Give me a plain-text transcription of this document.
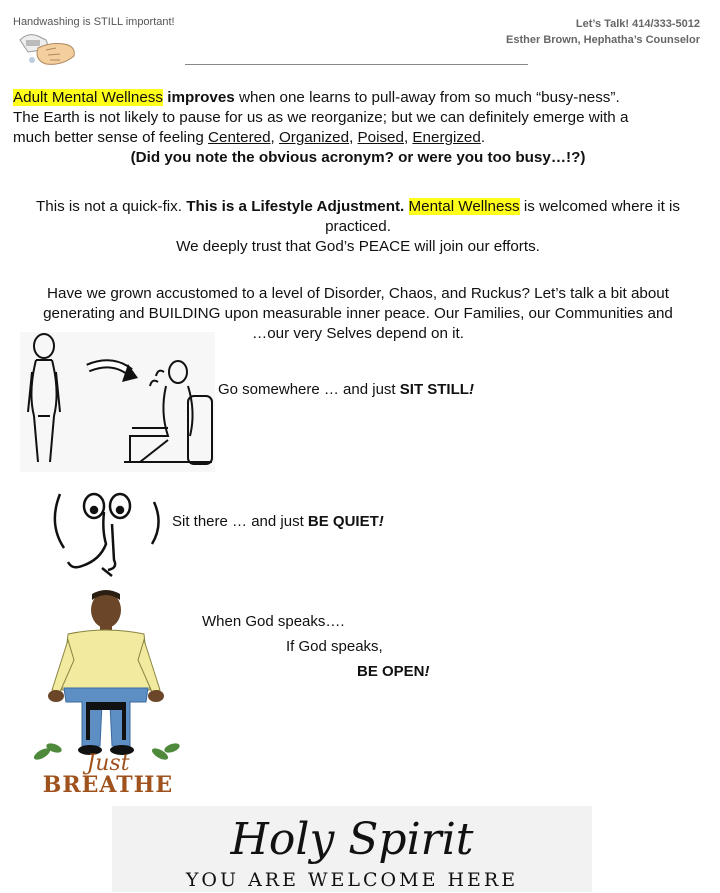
Handwashing is STILL important!	Let’s Talk! 414/333-5012
Esther Brown, Hephatha’s Counselor
Adult Mental Wellness improves when one learns to pull-away from so much “busy-ness”.
The Earth is not likely to pause for us as we reorganize; but we can definitely emerge with a
much better sense of feeling Centered, Organized, Poised, Energized.
(Did you note the obvious acronym? or were you too busy…!?)
This is not a quick-fix. This is a Lifestyle Adjustment. Mental Wellness is welcomed where it is
practiced.
We deeply trust that God’s PEACE will join our efforts.
Have we grown accustomed to a level of Disorder, Chaos, and Ruckus? Let’s talk a bit about
generating and BUILDING upon measurable inner peace. Our Families, our Communities and
…our very Selves depend on it.
Go somewhere … and just SIT STILL!
Sit there … and just BE QUIET!
Just
BREATHE
When God speaks….
If God speaks,
BE OPEN!
Holy Spirit
YOU ARE WELCOME HERE
